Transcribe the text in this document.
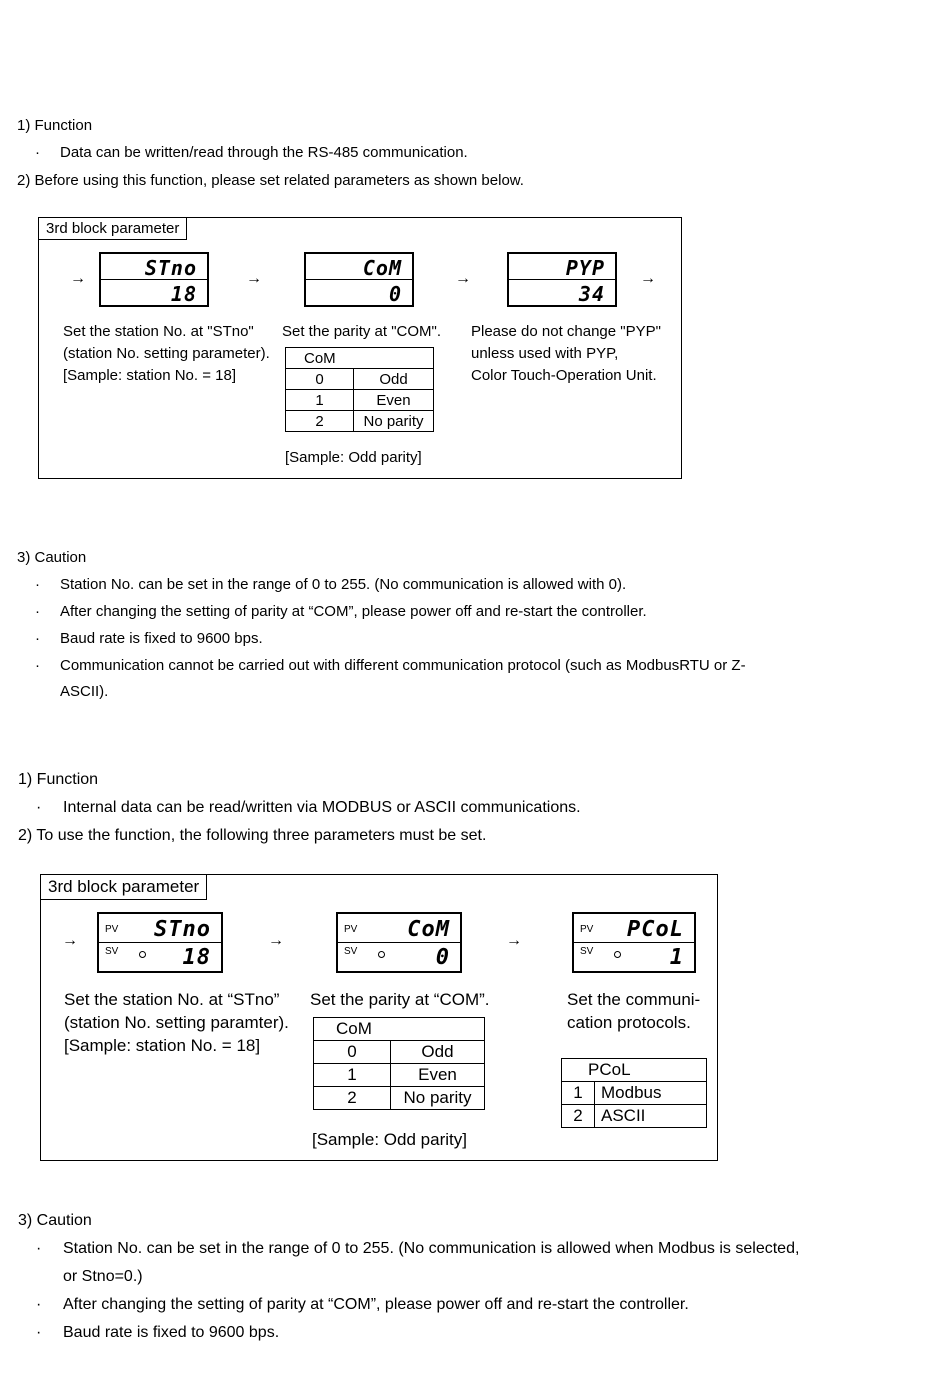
1) Function
· Data can be written/read through the RS-485 communication.
2) Before using this function, please set related parameters as shown below.
3rd block parameter
→	→	→	→
STno
18
CoM
0
PYP
34
Set the station No. at "STno"
(station No. setting parameter).
[Sample: station No. = 18]
Set the parity at "COM".
CoM	
0	Odd
1	Even
2	No parity
[Sample: Odd parity]
Please do not change "PYP"
unless used with PYP,
Color Touch-Operation Unit.
3) Caution
· Station No. can be set in the range of 0 to 255. (No communication is allowed with 0).
· After changing the setting of parity at “COM”, please power off and re-start the controller.
· Baud rate is fixed to 9600 bps.
· Communication cannot be carried out with different communication protocol (such as ModbusRTU or Z-
ASCII).
1) Function
· Internal data can be read/written via MODBUS or ASCII communications.
2) To use the function, the following three parameters must be set.
3rd block parameter
→	→	→
PV STno
SV	18
PV CoM
SV	0
PV PCoL
SV	1
Set the station No. at “STno”
(station No. setting paramter).
[Sample: station No. = 18]
Set the parity at “COM”.
CoM	
0	Odd
1	Even
2	No parity
[Sample: Odd parity]
Set the communi-
cation protocols.
PCoL	
1	Modbus
2	ASCII
3) Caution
· Station No. can be set in the range of 0 to 255. (No communication is allowed when Modbus is selected,
or Stno=0.)
· After changing the setting of parity at “COM”, please power off and re-start the controller.
· Baud rate is fixed to 9600 bps.
